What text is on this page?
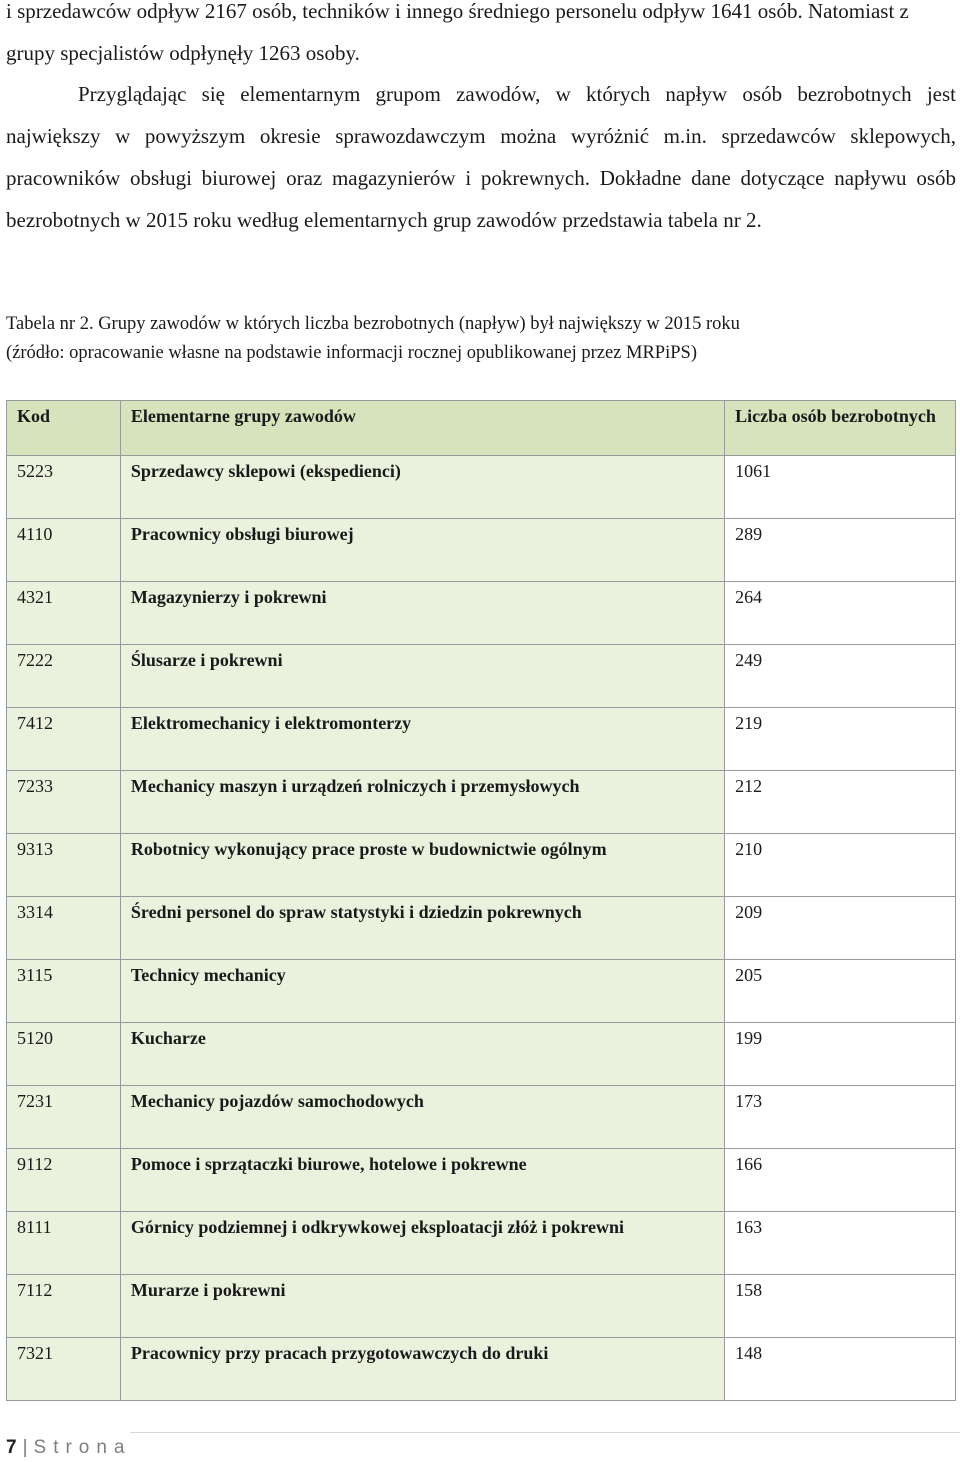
i sprzedawców odpływ 2167 osób, techników i innego średniego personelu odpływ 1641 osób. Natomiast z grupy specjalistów odpłynęły 1263 osoby.

Przyglądając się elementarnym grupom zawodów, w których napływ osób bezrobotnych jest największy w powyższym okresie sprawozdawczym można wyróżnić m.in. sprzedawców sklepowych, pracowników obsługi biurowej oraz magazynierów i pokrewnych. Dokładne dane dotyczące napływu osób bezrobotnych w 2015 roku według elementarnych grup zawodów przedstawia tabela nr 2.

Tabela nr 2. Grupy zawodów w których liczba bezrobotnych (napływ) był największy w 2015 roku
(źródło: opracowanie własne na podstawie informacji rocznej opublikowanej przez MRPiPS)
Kod	Elementarne grupy zawodów	Liczba osób bezrobotnych
5223	Sprzedawcy sklepowi (ekspedienci)	1061
4110	Pracownicy obsługi biurowej	289
4321	Magazynierzy i pokrewni	264
7222	Ślusarze i pokrewni	249
7412	Elektromechanicy i elektromonterzy	219
7233	Mechanicy maszyn i urządzeń rolniczych i przemysłowych	212
9313	Robotnicy wykonujący prace proste w budownictwie ogólnym	210
3314	Średni personel do spraw statystyki i dziedzin pokrewnych	209
3115	Technicy mechanicy	205
5120	Kucharze	199
7231	Mechanicy pojazdów samochodowych	173
9112	Pomoce i sprzątaczki biurowe, hotelowe i pokrewne	166
8111	Górnicy podziemnej i odkrywkowej eksploatacji złóż i pokrewni	163
7112	Murarze i pokrewni	158
7321	Pracownicy przy pracach przygotowawczych do druki	148
7 | Strona
